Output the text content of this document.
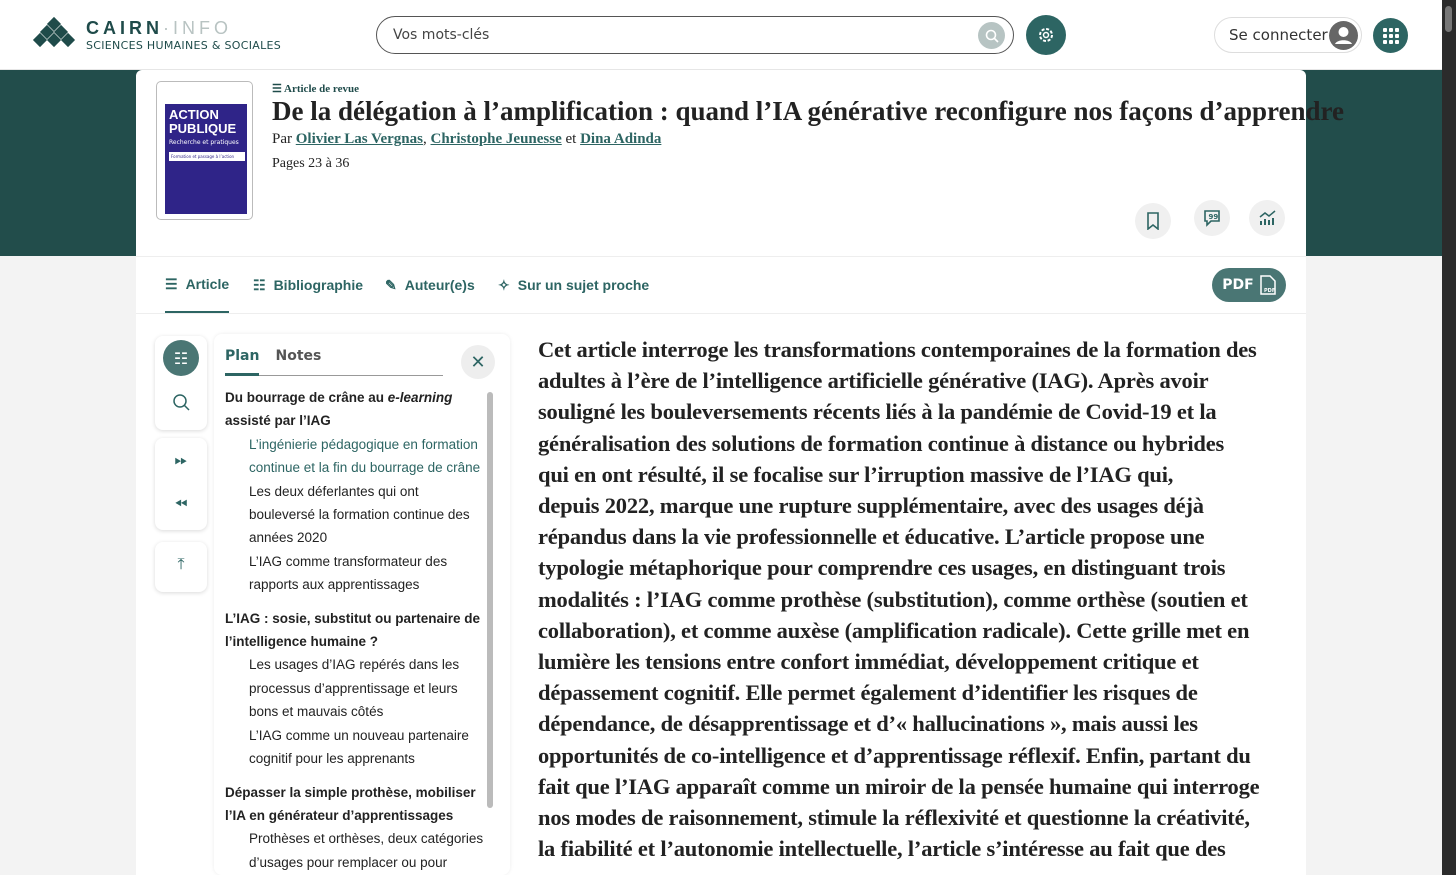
CAIRN·INFO
SCIENCES HUMAINES & SOCIALES
Vos mots-clés	Se connecter
ACTION PUBLIQUE
Recherche et pratiques
Formation et passage à l’action
☰ Article de revue
De la délégation à l’amplification : quand l’IA générative reconfigure nos façons d’apprendre
Par Olivier Las Vergnas, Christophe Jeunesse et Dina Adinda
Pages 23 à 36
99
☰ Article ☷ Bibliographie ✎ Auteur(e)s ✧ Sur un sujet proche	PDF PDF
☷
⏩︎
⏪︎
⤒
Plan Notes	✕
Du bourrage de crâne au e-learning assisté par l’IAG
L’ingénierie pédagogique en formation continue et la fin du bourrage de crâne
Les deux déferlantes qui ont bouleversé la formation continue des années 2020
L’IAG comme transformateur des rapports aux apprentissages
L’IAG : sosie, substitut ou partenaire de l’intelligence humaine ?
Les usages d’IAG repérés dans les processus d’apprentissage et leurs bons et mauvais côtés
L’IAG comme un nouveau partenaire cognitif pour les apprenants
Dépasser la simple prothèse, mobiliser l’IA en générateur d’apprentissages
Prothèses et orthèses, deux catégories d’usages pour remplacer ou pour
Cet article interroge les transformations contemporaines de la formation des
adultes à l’ère de l’intelligence artificielle générative (IAG). Après avoir
souligné les bouleversements récents liés à la pandémie de Covid-19 et la
généralisation des solutions de formation continue à distance ou hybrides
qui en ont résulté, il se focalise sur l’irruption massive de l’IAG qui,
depuis 2022, marque une rupture supplémentaire, avec des usages déjà
répandus dans la vie professionnelle et éducative. L’article propose une
typologie métaphorique pour comprendre ces usages, en distinguant trois
modalités : l’IAG comme prothèse (substitution), comme orthèse (soutien et
collaboration), et comme auxèse (amplification radicale). Cette grille met en
lumière les tensions entre confort immédiat, développement critique et
dépassement cognitif. Elle permet également d’identifier les risques de
dépendance, de désapprentissage et d’« hallucinations », mais aussi les
opportunités de co-intelligence et d’apprentissage réflexif. Enfin, partant du
fait que l’IAG apparaît comme un miroir de la pensée humaine qui interroge
nos modes de raisonnement, stimule la réflexivité et questionne la créativité,
la fiabilité et l’autonomie intellectuelle, l’article s’intéresse au fait que des
